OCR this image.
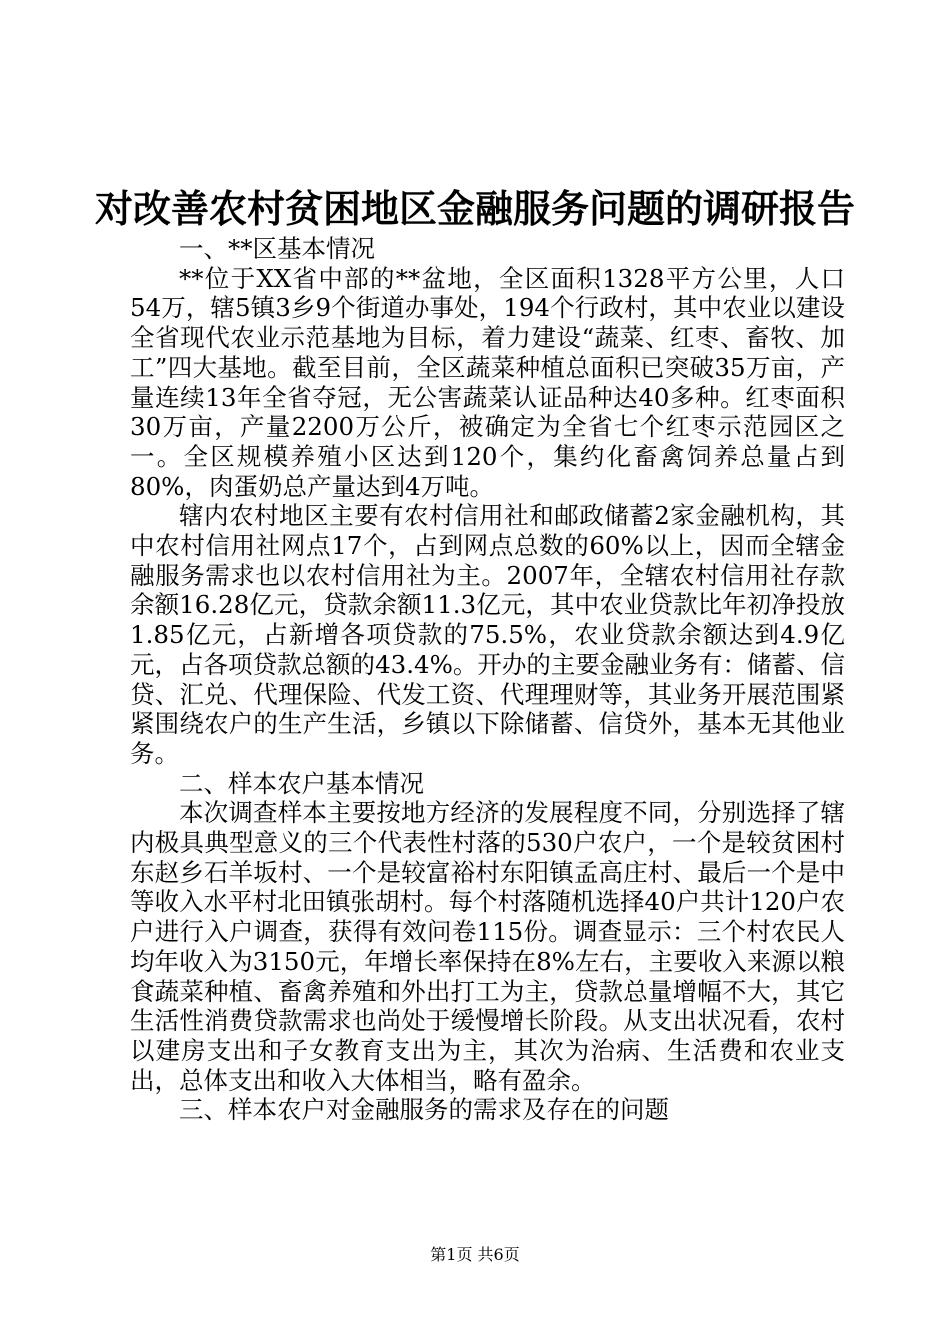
对改善农村贫困地区金融服务问题的调研报告

一、**区基本情况

**位于XX省中部的**盆地，全区面积1328平方公里，人口54万，辖5镇3乡9个街道办事处，194个行政村，其中农业以建设全省现代农业示范基地为目标，着力建设“蔬菜、红枣、畜牧、加工”四大基地。截至目前，全区蔬菜种植总面积已突破35万亩，产量连续13年全省夺冠，无公害蔬菜认证品种达40多种。红枣面积30万亩，产量2200万公斤，被确定为全省七个红枣示范园区之一。全区规模养殖小区达到120个，集约化畜禽饲养总量占到80%，肉蛋奶总产量达到4万吨。

辖内农村地区主要有农村信用社和邮政储蓄2家金融机构，其中农村信用社网点17个，占到网点总数的60%以上，因而全辖金融服务需求也以农村信用社为主。2007年，全辖农村信用社存款余额16.28亿元，贷款余额11.3亿元，其中农业贷款比年初净投放1.85亿元，占新增各项贷款的75.5%，农业贷款余额达到4.9亿元，占各项贷款总额的43.4%。开办的主要金融业务有：储蓄、信贷、汇兑、代理保险、代发工资、代理理财等，其业务开展范围紧紧围绕农户的生产生活，乡镇以下除储蓄、信贷外，基本无其他业务。

二、样本农户基本情况

本次调查样本主要按地方经济的发展程度不同，分别选择了辖内极具典型意义的三个代表性村落的530户农户，一个是较贫困村东赵乡石羊坂村、一个是较富裕村东阳镇孟高庄村、最后一个是中等收入水平村北田镇张胡村。每个村落随机选择40户共计120户农户进行入户调查，获得有效问卷115份。调查显示：三个村农民人均年收入为3150元，年增长率保持在8%左右，主要收入来源以粮食蔬菜种植、畜禽养殖和外出打工为主，贷款总量增幅不大，其它生活性消费贷款需求也尚处于缓慢增长阶段。从支出状况看，农村以建房支出和子女教育支出为主，其次为治病、生活费和农业支出，总体支出和收入大体相当，略有盈余。

三、样本农户对金融服务的需求及存在的问题

第1页 共6页
